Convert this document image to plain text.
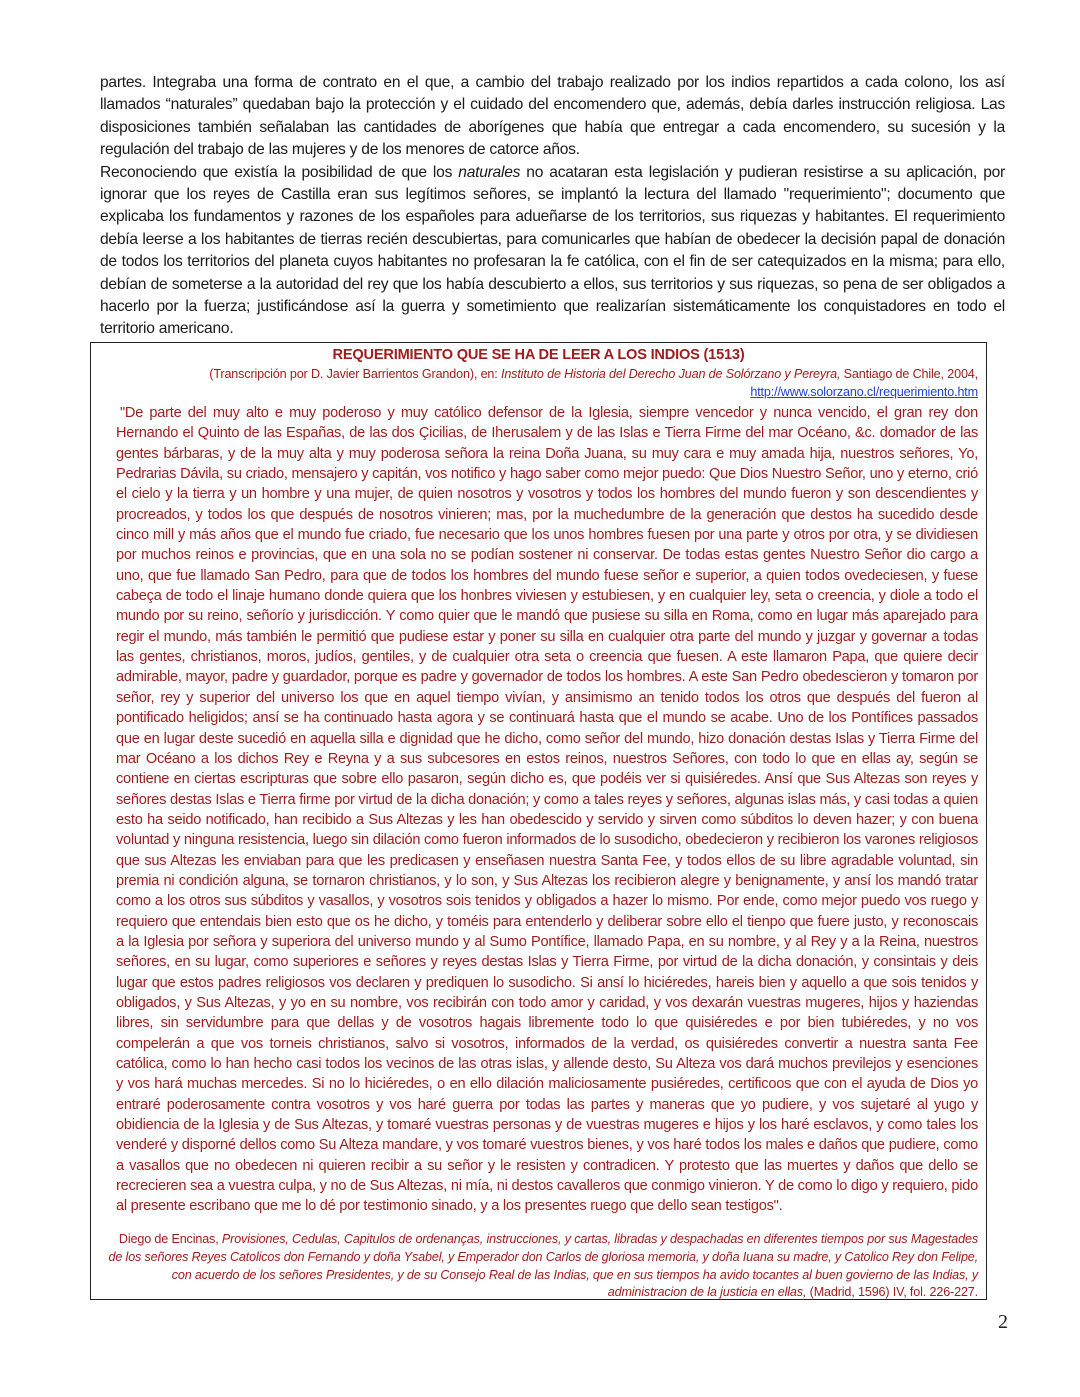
partes. Integraba una forma de contrato en el que, a cambio del trabajo realizado por los indios repartidos a cada colono, los así llamados “naturales” quedaban bajo la protección y el cuidado del encomendero que, además, debía darles instrucción religiosa. Las disposiciones también señalaban las cantidades de aborígenes que había que entregar a cada encomendero, su sucesión y la regulación del trabajo de las mujeres y de los menores de catorce años.

Reconociendo que existía la posibilidad de que los naturales no acataran esta legislación y pudieran resistirse a su aplicación, por ignorar que los reyes de Castilla eran sus legítimos señores, se implantó la lectura del llamado "requerimiento"; documento que explicaba los fundamentos y razones de los españoles para adueñarse de los territorios, sus riquezas y habitantes. El requerimiento debía leerse a los habitantes de tierras recién descubiertas, para comunicarles que habían de obedecer la decisión papal de donación de todos los territorios del planeta cuyos habitantes no profesaran la fe católica, con el fin de ser catequizados en la misma; para ello, debían de someterse a la autoridad del rey que los había descubierto a ellos, sus territorios y sus riquezas, so pena de ser obligados a hacerlo por la fuerza; justificándose así la guerra y sometimiento que realizarían sistemáticamente los conquistadores en todo el territorio americano.

REQUERIMIENTO QUE SE HA DE LEER A LOS INDIOS (1513)
(Transcripción por D. Javier Barrientos Grandon), en: Instituto de Historia del Derecho Juan de Solórzano y Pereyra, Santiago de Chile, 2004,
http://www.solorzano.cl/requerimiento.htm
"De parte del muy alto e muy poderoso y muy católico defensor de la Iglesia, siempre vencedor y nunca vencido, el gran rey don Hernando el Quinto de las Españas, de las dos Çicilias, de Iherusalem y de las Islas e Tierra Firme del mar Océano, &c. domador de las gentes bárbaras, y de la muy alta y muy poderosa señora la reina Doña Juana, su muy cara e muy amada hija, nuestros señores, Yo, Pedrarias Dávila, su criado, mensajero y capitán, vos notifico y hago saber como mejor puedo: Que Dios Nuestro Señor, uno y eterno, crió el cielo y la tierra y un hombre y una mujer, de quien nosotros y vosotros y todos los hombres del mundo fueron y son descendientes y procreados, y todos los que después de nosotros vinieren; mas, por la muchedumbre de la generación que destos ha sucedido desde cinco mill y más años que el mundo fue criado, fue necesario que los unos hombres fuesen por una parte y otros por otra, y se dividiesen por muchos reinos e provincias, que en una sola no se podían sostener ni conservar. De todas estas gentes Nuestro Señor dio cargo a uno, que fue llamado San Pedro, para que de todos los hombres del mundo fuese señor e superior, a quien todos ovedeciesen, y fuese cabeça de todo el linaje humano donde quiera que los honbres viviesen y estubiesen, y en cualquier ley, seta o creencia, y diole a todo el mundo por su reino, señorío y jurisdicción. Y como quier que le mandó que pusiese su silla en Roma, como en lugar más aparejado para regir el mundo, más también le permitió que pudiese estar y poner su silla en cualquier otra parte del mundo y juzgar y governar a todas las gentes, christianos, moros, judíos, gentiles, y de cualquier otra seta o creencia que fuesen. A este llamaron Papa, que quiere decir admirable, mayor, padre y guardador, porque es padre y governador de todos los hombres. A este San Pedro obedescieron y tomaron por señor, rey y superior del universo los que en aquel tiempo vivían, y ansimismo an tenido todos los otros que después del fueron al pontificado heligidos; ansí se ha continuado hasta agora y se continuará hasta que el mundo se acabe. Uno de los Pontífices passados que en lugar deste sucedió en aquella silla e dignidad que he dicho, como señor del mundo, hizo donación destas Islas y Tierra Firme del mar Océano a los dichos Rey e Reyna y a sus subcesores en estos reinos, nuestros Señores, con todo lo que en ellas ay, según se contiene en ciertas escripturas que sobre ello pasaron, según dicho es, que podéis ver si quisiéredes. Ansí que Sus Altezas son reyes y señores destas Islas e Tierra firme por virtud de la dicha donación; y como a tales reyes y señores, algunas islas más, y casi todas a quien esto ha seido notificado, han recibido a Sus Altezas y les han obedescido y servido y sirven como súbditos lo deven hazer; y con buena voluntad y ninguna resistencia, luego sin dilación como fueron informados de lo susodicho, obedecieron y recibieron los varones religiosos que sus Altezas les enviaban para que les predicasen y enseñasen nuestra Santa Fee, y todos ellos de su libre agradable voluntad, sin premia ni condición alguna, se tornaron christianos, y lo son, y Sus Altezas los recibieron alegre y benignamente, y ansí los mandó tratar como a los otros sus súbditos y vasallos, y vosotros sois tenidos y obligados a hazer lo mismo. Por ende, como mejor puedo vos ruego y requiero que entendais bien esto que os he dicho, y toméis para entenderlo y deliberar sobre ello el tienpo que fuere justo, y reconoscais a la Iglesia por señora y superiora del universo mundo y al Sumo Pontífice, llamado Papa, en su nombre, y al Rey y a la Reina, nuestros señores, en su lugar, como superiores e señores y reyes destas Islas y Tierra Firme, por virtud de la dicha donación, y consintais y deis lugar que estos padres religiosos vos declaren y prediquen lo susodicho. Si ansí lo hiciéredes, hareis bien y aquello a que sois tenidos y obligados, y Sus Altezas, y yo en su nombre, vos recibirán con todo amor y caridad, y vos dexarán vuestras mugeres, hijos y haziendas libres, sin servidumbre para que dellas y de vosotros hagais libremente todo lo que quisiéredes e por bien tubiéredes, y no vos compelerán a que vos torneis christianos, salvo si vosotros, informados de la verdad, os quisiéredes convertir a nuestra santa Fee católica, como lo han hecho casi todos los vecinos de las otras islas, y allende desto, Su Alteza vos dará muchos previlejos y esenciones y vos hará muchas mercedes. Si no lo hiciéredes, o en ello dilación maliciosamente pusiéredes, certificoos que con el ayuda de Dios yo entraré poderosamente contra vosotros y vos haré guerra por todas las partes y maneras que yo pudiere, y vos sujetaré al yugo y obidiencia de la Iglesia y de Sus Altezas, y tomaré vuestras personas y de vuestras mugeres e hijos y los haré esclavos, y como tales los venderé y disporné dellos como Su Alteza mandare, y vos tomaré vuestros bienes, y vos haré todos los males e daños que pudiere, como a vasallos que no obedecen ni quieren recibir a su señor y le resisten y contradicen. Y protesto que las muertes y daños que dello se recrecieren sea a vuestra culpa, y no de Sus Altezas, ni mía, ni destos cavalleros que conmigo vinieron. Y de como lo digo y requiero, pido al presente escribano que me lo dé por testimonio sinado, y a los presentes ruego que dello sean testigos".
Diego de Encinas, Provisiones, Cedulas, Capitulos de ordenanças, instrucciones, y cartas, libradas y despachadas en diferentes tiempos por sus Magestades de los señores Reyes Catolicos don Fernando y doña Ysabel, y Emperador don Carlos de gloriosa memoria, y doña Iuana su madre, y Catolico Rey don Felipe, con acuerdo de los señores Presidentes, y de su Consejo Real de las Indias, que en sus tiempos ha avido tocantes al buen govierno de las Indias, y administracion de la justicia en ellas, (Madrid, 1596) IV, fol. 226-227.
2
